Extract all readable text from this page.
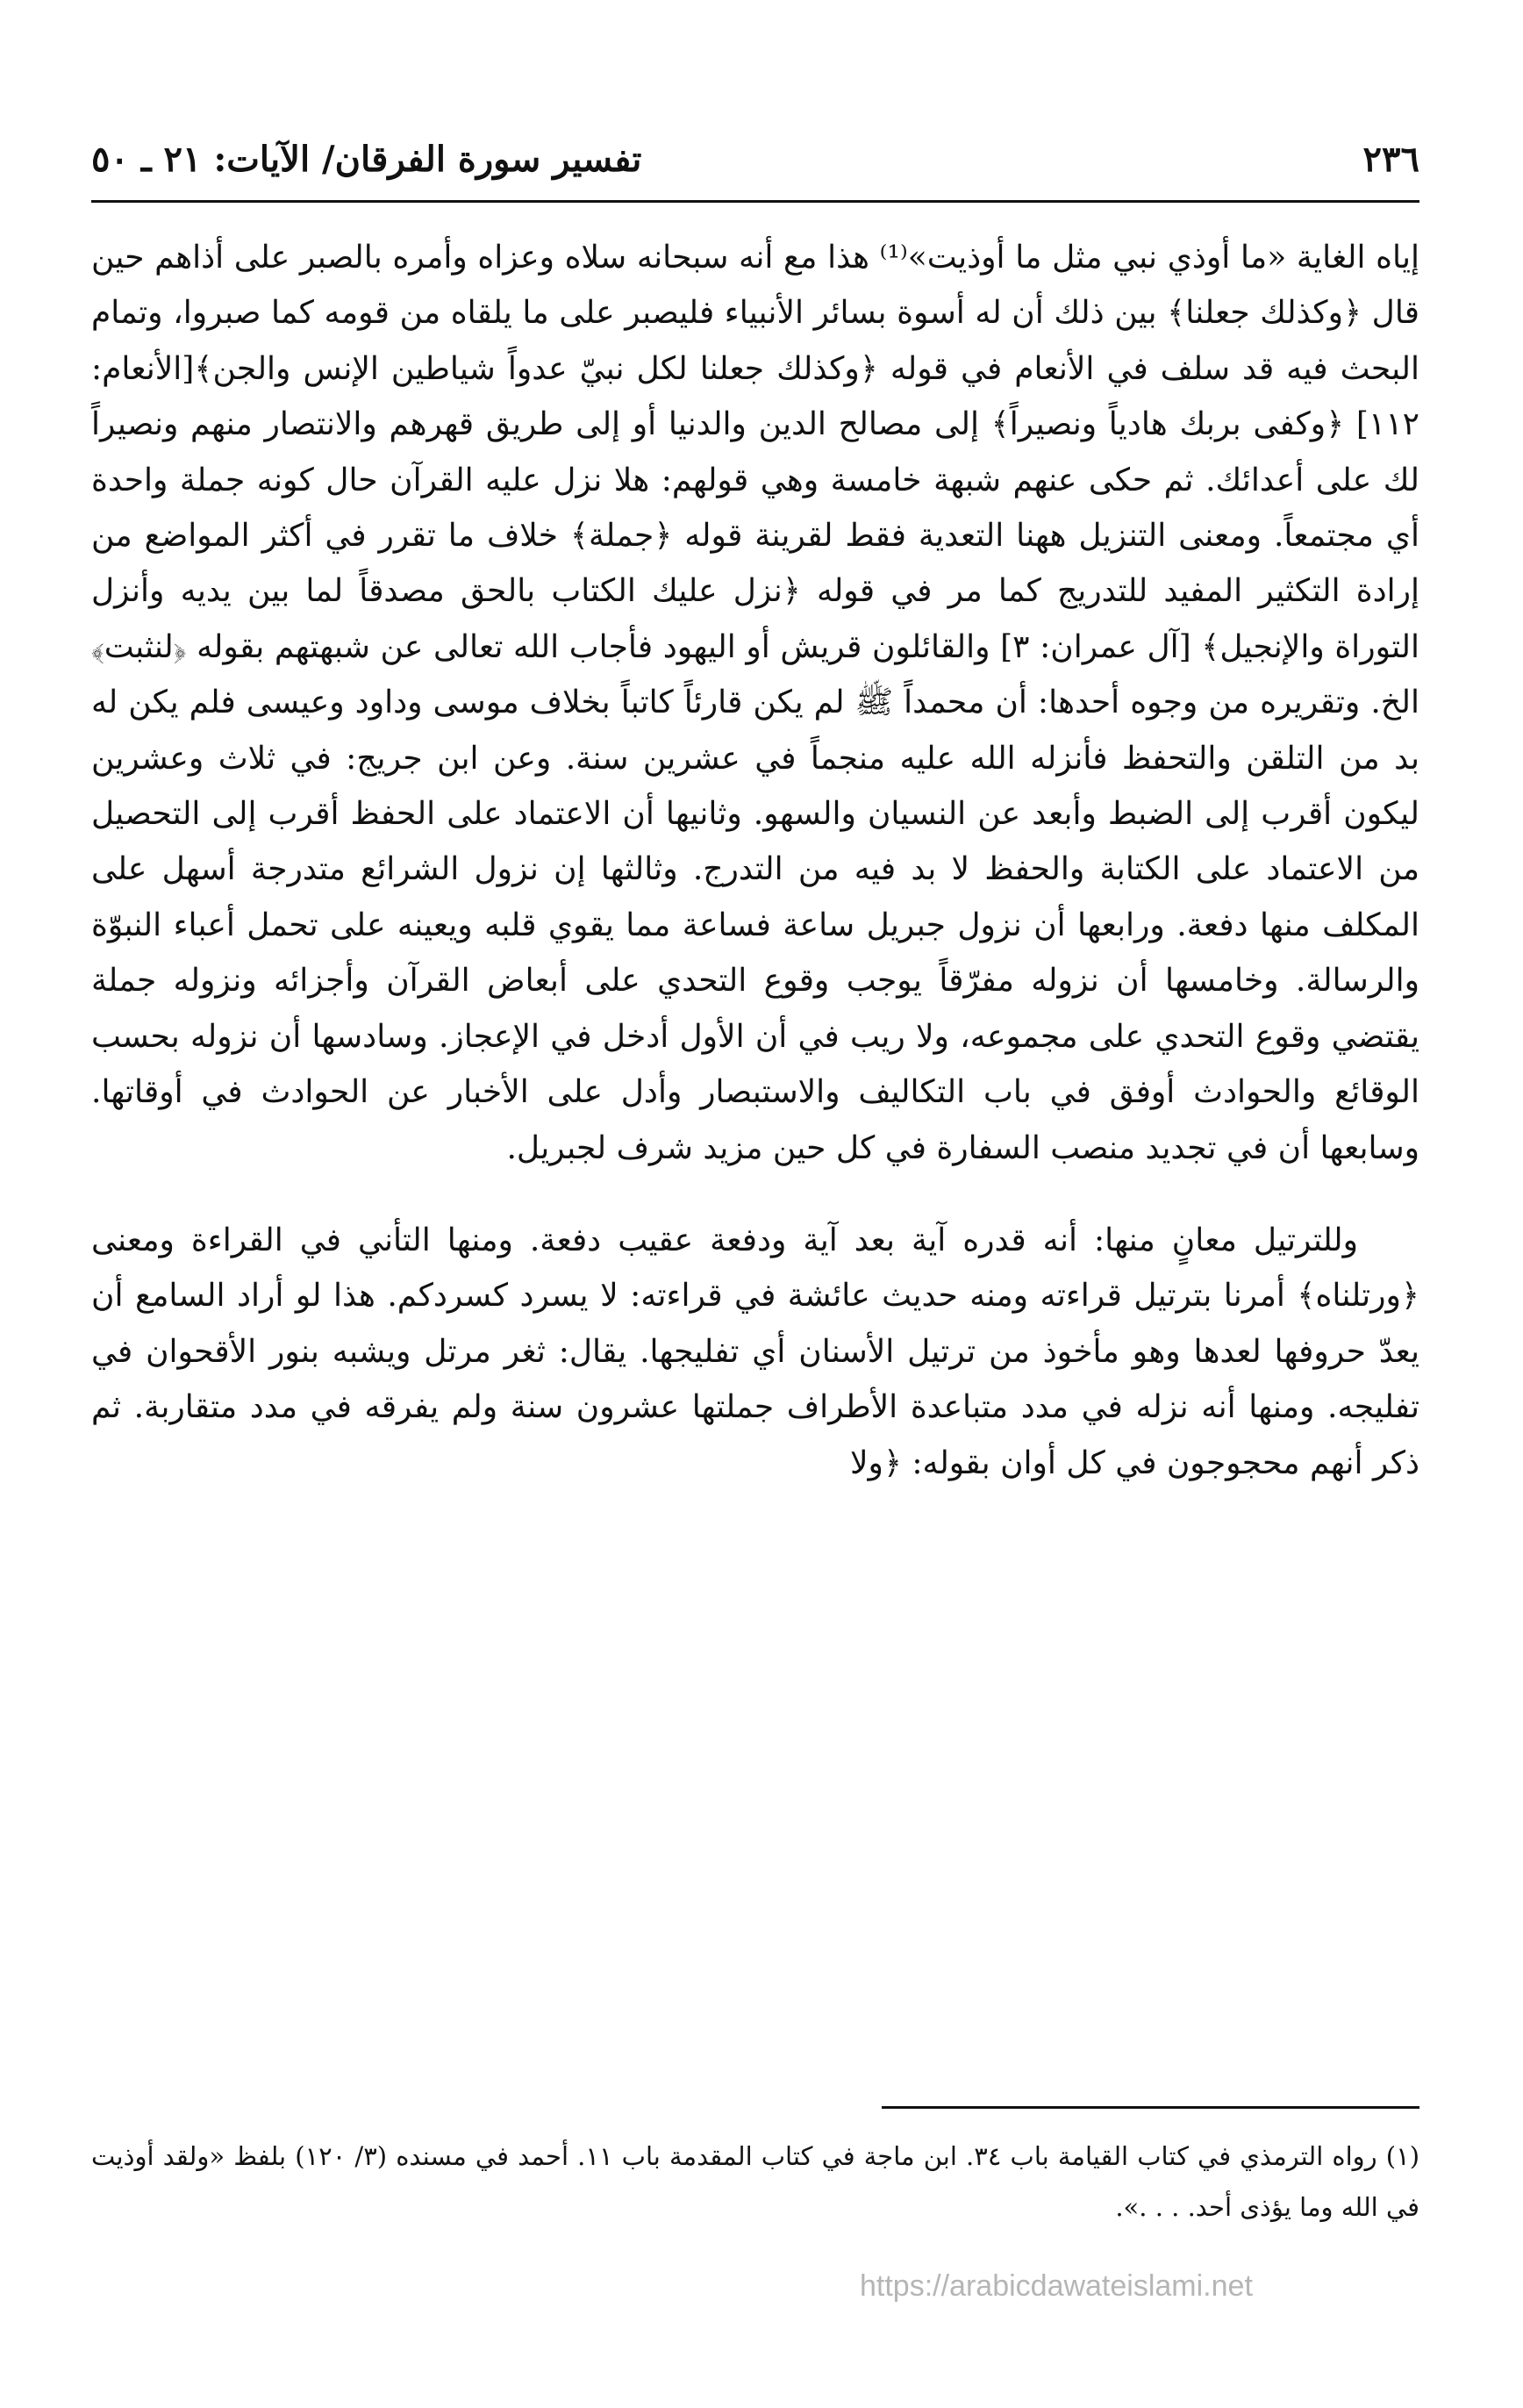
٢٣٦
تفسير سورة الفرقان/ الآيات: ٢١ ـ ٥٠

إياه الغاية «ما أوذي نبي مثل ما أوذيت»⁽¹⁾ هذا مع أنه سبحانه سلاه وعزاه وأمره بالصبر على أذاهم حين قال ﴿وكذلك جعلنا﴾ بين ذلك أن له أسوة بسائر الأنبياء فليصبر على ما يلقاه من قومه كما صبروا، وتمام البحث فيه قد سلف في الأنعام في قوله ﴿وكذلك جعلنا لكل نبيّ عدواً شياطين الإنس والجن﴾[الأنعام: ١١٢] ﴿وكفى بربك هادياً ونصيراً﴾ إلى مصالح الدين والدنيا أو إلى طريق قهرهم والانتصار منهم ونصيراً لك على أعدائك. ثم حكى عنهم شبهة خامسة وهي قولهم: هلا نزل عليه القرآن حال كونه جملة واحدة أي مجتمعاً. ومعنى التنزيل ههنا التعدية فقط لقرينة قوله ﴿جملة﴾ خلاف ما تقرر في أكثر المواضع من إرادة التكثير المفيد للتدريج كما مر في قوله ﴿نزل عليك الكتاب بالحق مصدقاً لما بين يديه وأنزل التوراة والإنجيل﴾ [آل عمران: ٣] والقائلون قريش أو اليهود فأجاب الله تعالى عن شبهتهم بقوله ﴿لنثبت﴾ الخ. وتقريره من وجوه أحدها: أن محمداً ﷺ لم يكن قارئاً كاتباً بخلاف موسى وداود وعيسى فلم يكن له بد من التلقن والتحفظ فأنزله الله عليه منجماً في عشرين سنة. وعن ابن جريج: في ثلاث وعشرين ليكون أقرب إلى الضبط وأبعد عن النسيان والسهو. وثانيها أن الاعتماد على الحفظ أقرب إلى التحصيل من الاعتماد على الكتابة والحفظ لا بد فيه من التدرج. وثالثها إن نزول الشرائع متدرجة أسهل على المكلف منها دفعة. ورابعها أن نزول جبريل ساعة فساعة مما يقوي قلبه ويعينه على تحمل أعباء النبوّة والرسالة. وخامسها أن نزوله مفرّقاً يوجب وقوع التحدي على أبعاض القرآن وأجزائه ونزوله جملة يقتضي وقوع التحدي على مجموعه، ولا ريب في أن الأول أدخل في الإعجاز. وسادسها أن نزوله بحسب الوقائع والحوادث أوفق في باب التكاليف والاستبصار وأدل على الأخبار عن الحوادث في أوقاتها. وسابعها أن في تجديد منصب السفارة في كل حين مزيد شرف لجبريل.

وللترتيل معانٍ منها: أنه قدره آية بعد آية ودفعة عقيب دفعة. ومنها التأني في القراءة ومعنى ﴿ورتلناه﴾ أمرنا بترتيل قراءته ومنه حديث عائشة في قراءته: لا يسرد كسردكم. هذا لو أراد السامع أن يعدّ حروفها لعدها وهو مأخوذ من ترتيل الأسنان أي تفليجها. يقال: ثغر مرتل ويشبه بنور الأقحوان في تفليجه. ومنها أنه نزله في مدد متباعدة الأطراف جملتها عشرون سنة ولم يفرقه في مدد متقاربة. ثم ذكر أنهم محجوجون في كل أوان بقوله: ﴿ولا

(١) رواه الترمذي في كتاب القيامة باب ٣٤. ابن ماجة في كتاب المقدمة باب ١١. أحمد في مسنده (٣/ ١٢٠) بلفظ «ولقد أوذيت في الله وما يؤذى أحد. . . .».

https://arabicdawateislami.net
